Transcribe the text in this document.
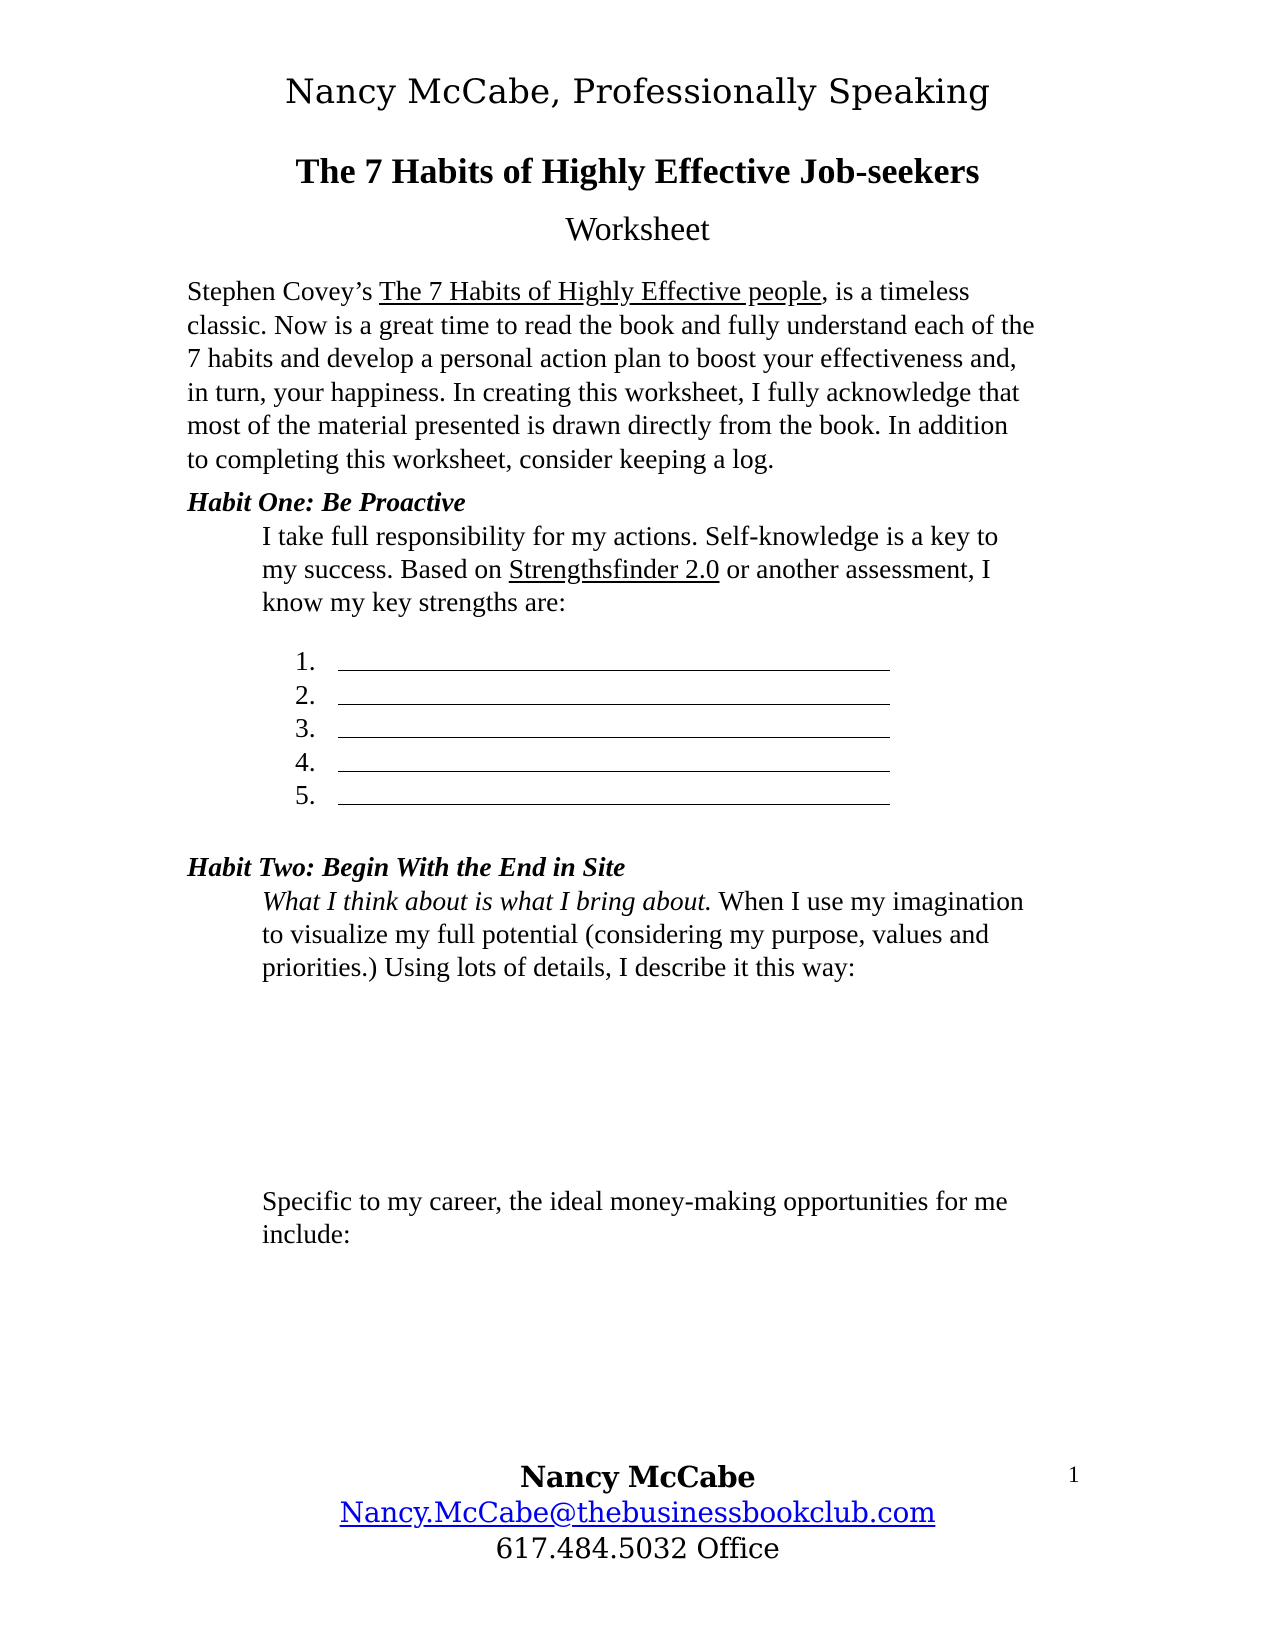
Nancy McCabe, Professionally Speaking
The 7 Habits of Highly Effective Job-seekers
Worksheet
Stephen Covey’s The 7 Habits of Highly Effective people, is a timeless
classic. Now is a great time to read the book and fully understand each of the
7 habits and develop a personal action plan to boost your effectiveness and,
in turn, your happiness. In creating this worksheet, I fully acknowledge that
most of the material presented is drawn directly from the book. In addition
to completing this worksheet, consider keeping a log.
Habit One: Be Proactive
I take full responsibility for my actions. Self-knowledge is a key to
my success. Based on Strengthsfinder 2.0 or another assessment, I
know my key strengths are:
1.
2.
3.
4.
5.
Habit Two: Begin With the End in Site
What I think about is what I bring about. When I use my imagination
to visualize my full potential (considering my purpose, values and
priorities.) Using lots of details, I describe it this way:
Specific to my career, the ideal money-making opportunities for me
include:
Nancy McCabe
Nancy.McCabe@thebusinessbookclub.com
617.484.5032 Office
1
